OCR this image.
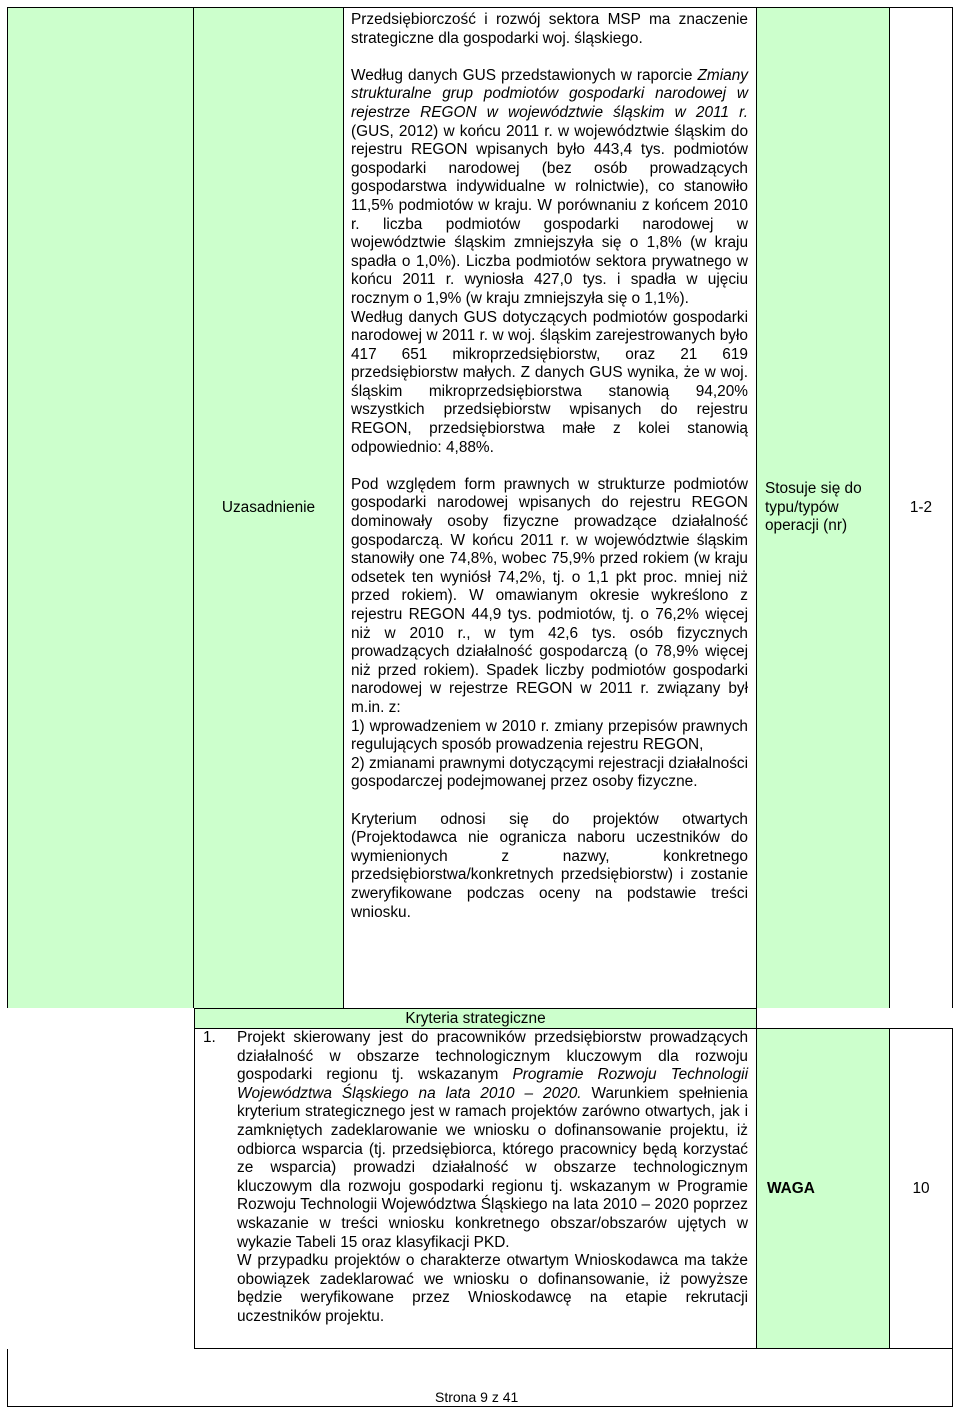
Uzasadnienie

Przedsiębiorczość i rozwój sektora MSP ma znaczenie strategiczne dla gospodarki woj. śląskiego.

Według danych GUS przedstawionych w raporcie Zmiany strukturalne grup podmiotów gospodarki narodowej w rejestrze REGON w województwie śląskim w 2011 r. (GUS, 2012) w końcu 2011 r. w województwie śląskim do rejestru REGON wpisanych było 443,4 tys. podmiotów gospodarki narodowej (bez osób prowadzących gospodarstwa indywidualne w rolnictwie), co stanowiło 11,5% podmiotów w kraju. W porównaniu z końcem 2010 r. liczba podmiotów gospodarki narodowej w województwie śląskim zmniejszyła się o 1,8% (w kraju spadła o 1,0%). Liczba podmiotów sektora prywatnego w końcu 2011 r. wyniosła 427,0 tys. i spadła w ujęciu rocznym o 1,9% (w kraju zmniejszyła się o 1,1%).

Według danych GUS dotyczących podmiotów gospodarki narodowej w 2011 r. w woj. śląskim zarejestrowanych było 417 651 mikroprzedsiębiorstw, oraz 21 619 przedsiębiorstw małych. Z danych GUS wynika, że w woj. śląskim mikroprzedsiębiorstwa stanowią 94,20% wszystkich przedsiębiorstw wpisanych do rejestru REGON, przedsiębiorstwa małe z kolei stanowią odpowiednio: 4,88%.

Pod względem form prawnych w strukturze podmiotów gospodarki narodowej wpisanych do rejestru REGON dominowały osoby fizyczne prowadzące działalność gospodarczą. W końcu 2011 r. w województwie śląskim stanowiły one 74,8%, wobec 75,9% przed rokiem (w kraju odsetek ten wyniósł 74,2%, tj. o 1,1 pkt proc. mniej niż przed rokiem). W omawianym okresie wykreślono z rejestru REGON 44,9 tys. podmiotów, tj. o 76,2% więcej niż w 2010 r., w tym 42,6 tys. osób fizycznych prowadzących działalność gospodarczą (o 78,9% więcej niż przed rokiem). Spadek liczby podmiotów gospodarki narodowej w rejestrze REGON w 2011 r. związany był m.in. z:

1) wprowadzeniem w 2010 r. zmiany przepisów prawnych regulujących sposób prowadzenia rejestru REGON,

2) zmianami prawnymi dotyczącymi rejestracji działalności gospodarczej podejmowanej przez osoby fizyczne.

Kryterium odnosi się do projektów otwartych (Projektodawca nie ogranicza naboru uczestników do wymienionych z nazwy, konkretnego przedsiębiorstwa/konkretnych przedsiębiorstw) i zostanie zweryfikowane podczas oceny na podstawie treści wniosku.

Stosuje się do typu/typów operacji (nr)
1-2
Kryteria strategiczne
1.	Projekt skierowany jest do pracowników przedsiębiorstw prowadzących działalność w obszarze technologicznym kluczowym dla rozwoju gospodarki regionu tj. wskazanym Programie Rozwoju Technologii Województwa Śląskiego na lata 2010 – 2020. Warunkiem spełnienia kryterium strategicznego jest w ramach projektów zarówno otwartych, jak i zamkniętych zadeklarowanie we wniosku o dofinansowanie projektu, iż odbiorca wsparcia (tj. przedsiębiorca, którego pracownicy będą korzystać ze wsparcia) prowadzi działalność w obszarze technologicznym kluczowym dla rozwoju gospodarki regionu tj. wskazanym w Programie Rozwoju Technologii Województwa Śląskiego na lata 2010 – 2020 poprzez wskazanie w treści wniosku konkretnego obszar/obszarów ujętych w wykazie Tabeli 15 oraz klasyfikacji PKD.

W przypadku projektów o charakterze otwartym Wnioskodawca ma także obowiązek zadeklarować we wniosku o dofinansowanie, iż powyższe będzie weryfikowane przez Wnioskodawcę na etapie rekrutacji uczestników projektu.

WAGA	10
Strona 9 z 41
